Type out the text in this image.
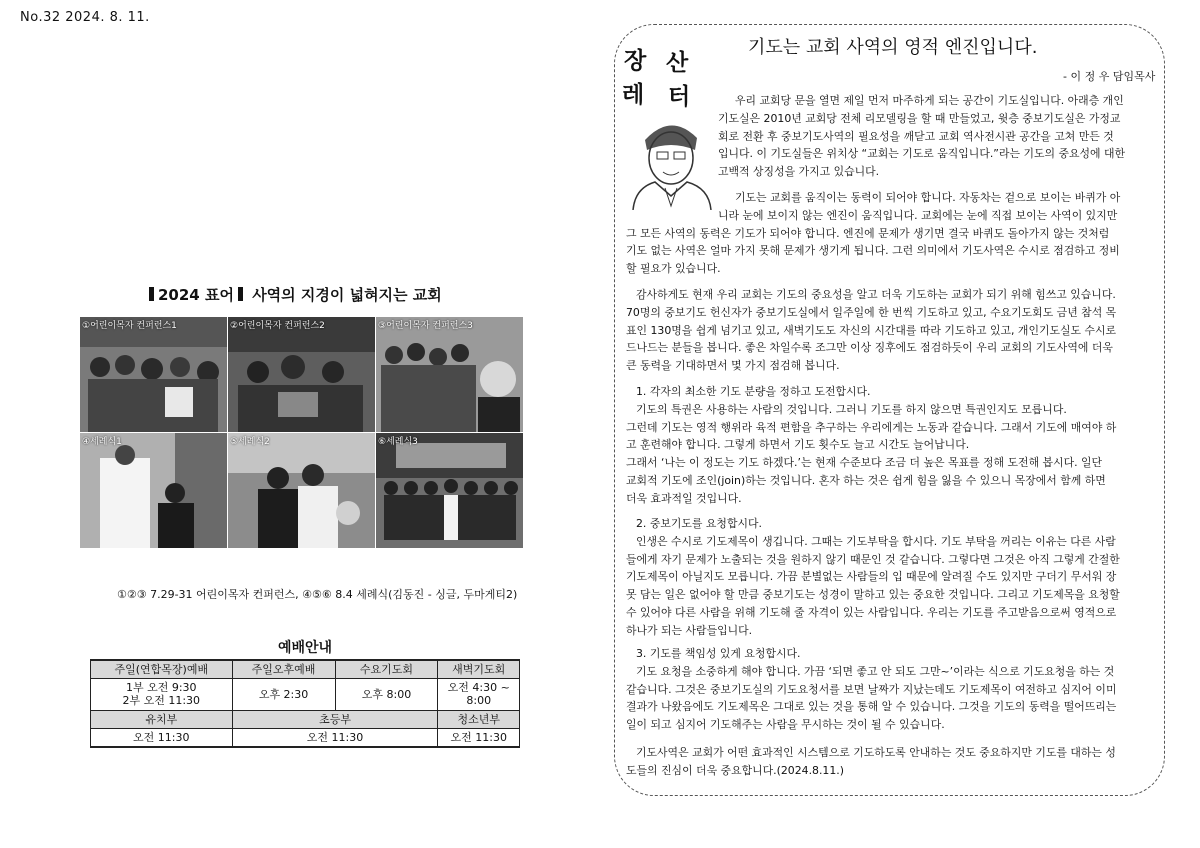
No.32 2024. 8. 11.
2024 표어 사역의 지경이 넓혀지는 교회
①어린이목자 컨퍼런스1	②어린이목자 컨퍼런스2	③어린이목자 컨퍼런스3
④세례식1	⑤세례식2	⑥세례식3
①②③ 7.29-31 어린이목자 컨퍼런스, ④⑤⑥ 8.4 세례식(김동진 - 싱글, 두마게티2)
예배안내
주일(연합목장)예배	주일오후예배	수요기도회	새벽기도회

1부 오전 9:30
2부 오전 11:30	오후 2:30	오후 8:00	오전 4:30 ~ 8:00
유치부	초등부		청소년부
오전 11:30	오전 11:30		오전 11:30
장 산
레 터
기도는 교회 사역의 영적 엔진입니다.
- 이 정 우 담임목사

우리 교회당 문을 열면 제일 먼저 마주하게 되는 공간이 기도실입니다. 아래층 개인

기도실은 2010년 교회당 전체 리모델링을 할 때 만들었고, 윗층 중보기도실은 가정교

회로 전환 후 중보기도사역의 필요성을 깨닫고 교회 역사전시관 공간을 고쳐 만든 것

입니다. 이 기도실들은 위치상 “교회는 기도로 움직입니다.”라는 기도의 중요성에 대한

고백적 상징성을 가지고 있습니다.

기도는 교회를 움직이는 동력이 되어야 합니다. 자동차는 겉으로 보이는 바퀴가 아

니라 눈에 보이지 않는 엔진이 움직입니다. 교회에는 눈에 직접 보이는 사역이 있지만

그 모든 사역의 동력은 기도가 되어야 합니다. 엔진에 문제가 생기면 결국 바퀴도 돌아가지 않는 것처럼

기도 없는 사역은 얼마 가지 못해 문제가 생기게 됩니다. 그런 의미에서 기도사역은 수시로 점검하고 정비

할 필요가 있습니다.

감사하게도 현재 우리 교회는 기도의 중요성을 알고 더욱 기도하는 교회가 되기 위해 힘쓰고 있습니다.

70명의 중보기도 헌신자가 중보기도실에서 일주일에 한 번씩 기도하고 있고, 수요기도회도 금년 참석 목

표인 130명을 쉽게 넘기고 있고, 새벽기도도 자신의 시간대를 따라 기도하고 있고, 개인기도실도 수시로

드나드는 분들을 봅니다. 좋은 차일수록 조그만 이상 징후에도 점검하듯이 우리 교회의 기도사역에 더욱

큰 동력을 기대하면서 몇 가지 점검해 봅니다.

1. 각자의 최소한 기도 분량을 정하고 도전합시다.

기도의 특권은 사용하는 사람의 것입니다. 그러니 기도를 하지 않으면 특권인지도 모릅니다.

그런데 기도는 영적 행위라 육적 편함을 추구하는 우리에게는 노동과 같습니다. 그래서 기도에 매여야 하

고 훈련해야 합니다. 그렇게 하면서 기도 횟수도 늘고 시간도 늘어납니다.

그래서 ‘나는 이 정도는 기도 하겠다.’는 현재 수준보다 조금 더 높은 목표를 정해 도전해 봅시다. 일단

교회적 기도에 조인(join)하는 것입니다. 혼자 하는 것은 쉽게 힘을 잃을 수 있으니 목장에서 함께 하면

더욱 효과적일 것입니다.

2. 중보기도를 요청합시다.

인생은 수시로 기도제목이 생깁니다. 그때는 기도부탁을 합시다. 기도 부탁을 꺼리는 이유는 다른 사람

들에게 자기 문제가 노출되는 것을 원하지 않기 때문인 것 같습니다. 그렇다면 그것은 아직 그렇게 간절한

기도제목이 아닐지도 모릅니다. 가끔 분별없는 사람들의 입 때문에 알려질 수도 있지만 구더기 무서워 장

못 담는 일은 없어야 할 만큼 중보기도는 성경이 말하고 있는 중요한 것입니다. 그리고 기도제목을 요청할

수 있어야 다른 사람을 위해 기도해 줄 자격이 있는 사람입니다. 우리는 기도를 주고받음으로써 영적으로

하나가 되는 사람들입니다.

3. 기도를 책임성 있게 요청합시다.

기도 요청을 소중하게 해야 합니다. 가끔 ‘되면 좋고 안 되도 그만~’이라는 식으로 기도요청을 하는 것

같습니다. 그것은 중보기도실의 기도요청서를 보면 날짜가 지났는데도 기도제목이 여전하고 심지어 이미

결과가 나왔음에도 기도제목은 그대로 있는 것을 통해 알 수 있습니다. 그것을 기도의 동력을 떨어뜨리는

일이 되고 심지어 기도해주는 사람을 무시하는 것이 될 수 있습니다.

기도사역은 교회가 어떤 효과적인 시스템으로 기도하도록 안내하는 것도 중요하지만 기도를 대하는 성

도들의 진심이 더욱 중요합니다.(2024.8.11.)
